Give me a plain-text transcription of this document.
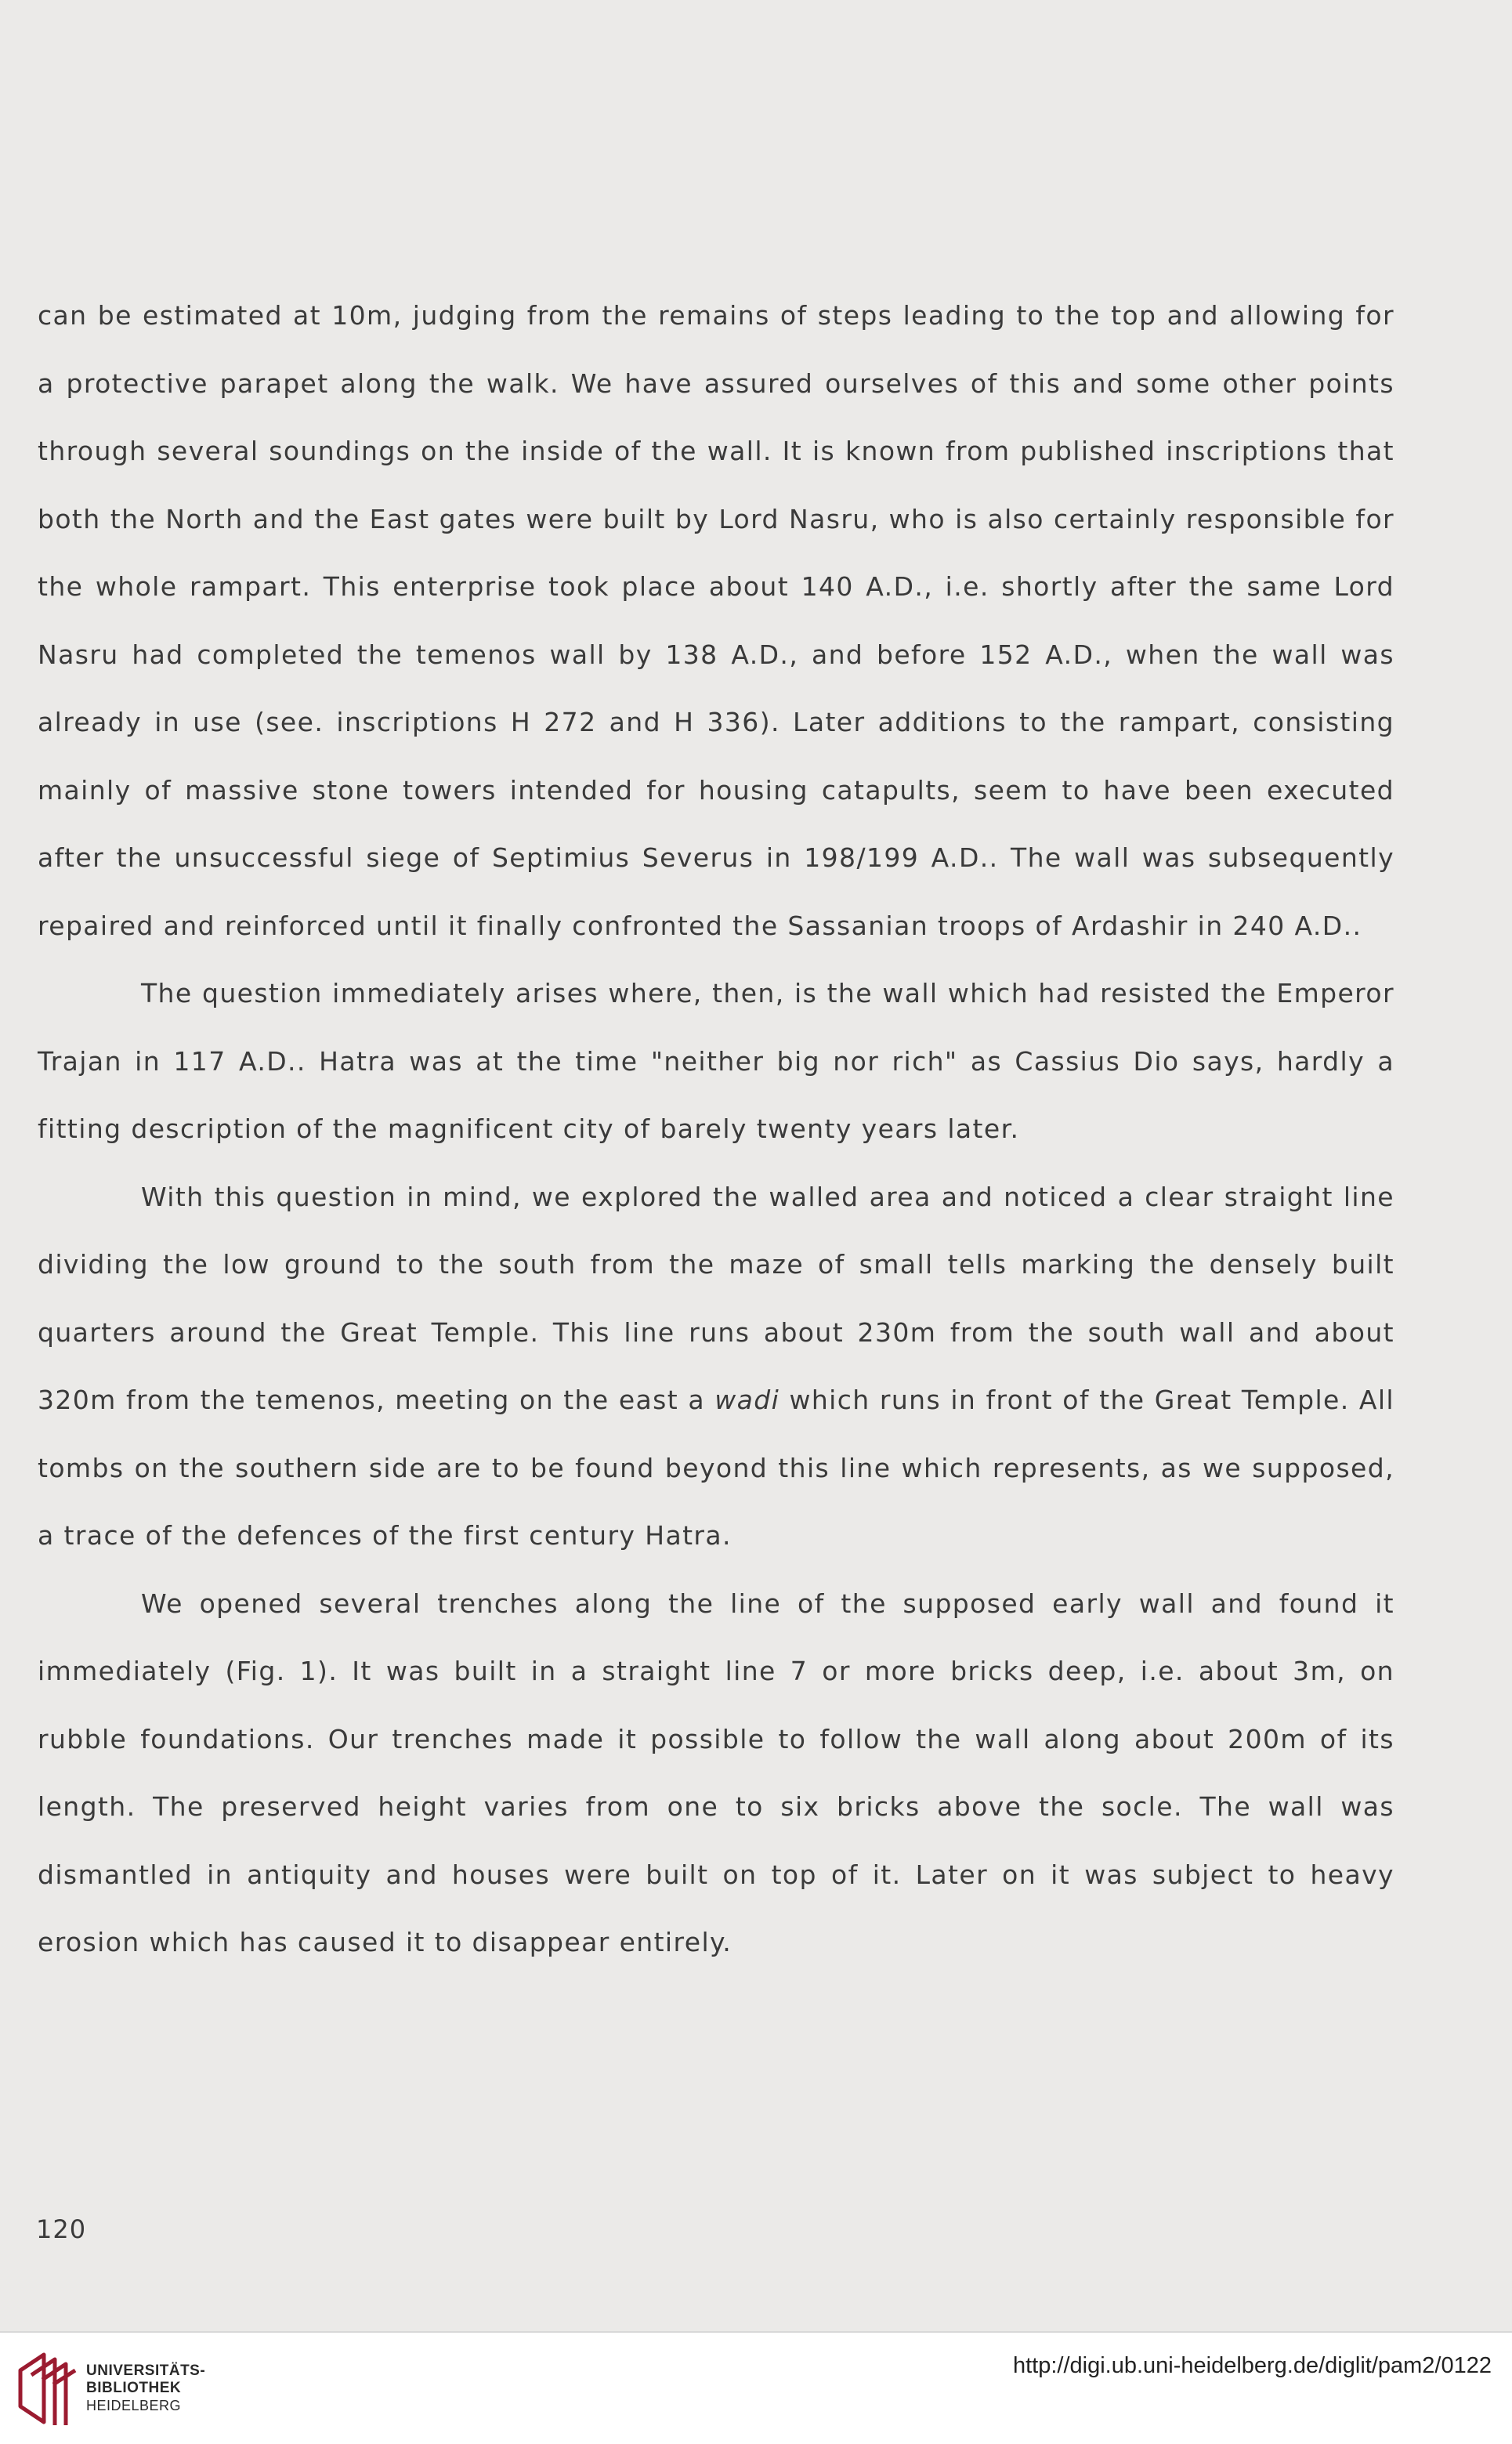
can be estimated at 10m, judging from the remains of steps leading to the top and allowing for a protective parapet along the walk. We have assured ourselves of this and some other points through several soundings on the inside of the wall. It is known from published inscriptions that both the North and the East gates were built by Lord Nasru, who is also certainly responsible for the whole rampart. This enterprise took place about 140 A.D., i.e. shortly after the same Lord Nasru had completed the temenos wall by 138 A.D., and before 152 A.D., when the wall was already in use (see. inscriptions H 272 and H 336). Later additions to the rampart, consisting mainly of massive stone towers intended for housing catapults, seem to have been executed after the unsuccessful siege of Septimius Severus in 198/199 A.D.. The wall was subsequently repaired and reinforced until it finally confronted the Sassanian troops of Ardashir in 240 A.D..

The question immediately arises where, then, is the wall which had resisted the Emperor Trajan in 117 A.D.. Hatra was at the time "neither big nor rich" as Cassius Dio says, hardly a fitting description of the magnificent city of barely twenty years later.

With this question in mind, we explored the walled area and noticed a clear straight line dividing the low ground to the south from the maze of small tells marking the densely built quarters around the Great Temple. This line runs about 230m from the south wall and about 320m from the temenos, meeting on the east a wadi which runs in front of the Great Temple. All tombs on the southern side are to be found beyond this line which represents, as we supposed, a trace of the defences of the first century Hatra.

We opened several trenches along the line of the supposed early wall and found it immediately (Fig. 1). It was built in a straight line 7 or more bricks deep, i.e. about 3m, on rubble foundations. Our trenches made it possible to follow the wall along about 200m of its length. The preserved height varies from one to six bricks above the socle. The wall was dismantled in antiquity and houses were built on top of it. Later on it was subject to heavy erosion which has caused it to disappear entirely.

120
UNIVERSITÄTS-
BIBLIOTHEK
HEIDELBERG
http://digi.ub.uni-heidelberg.de/diglit/pam2/0122
